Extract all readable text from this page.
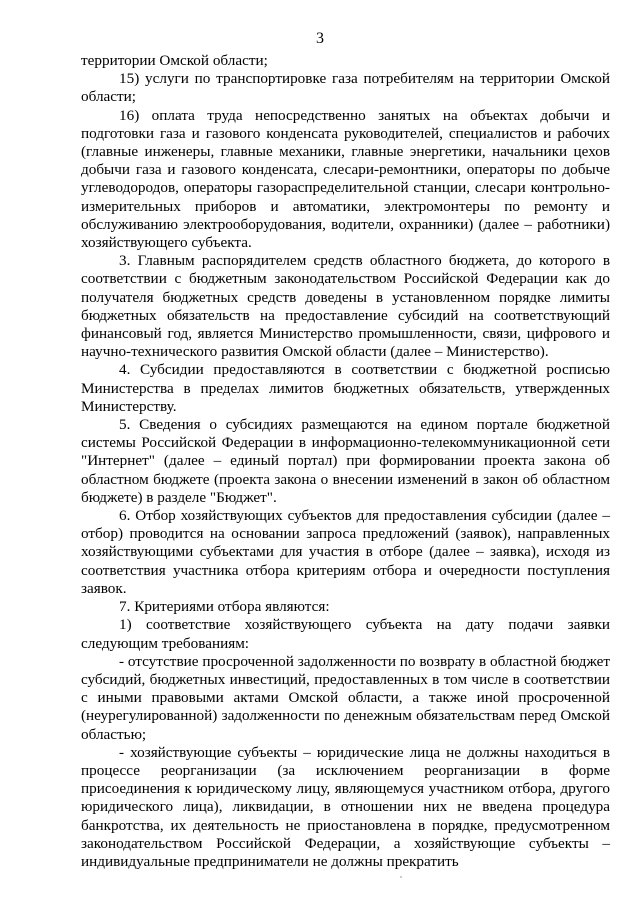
3

территории Омской области;

15) услуги по транспортировке газа потребителям на территории Омской области;

16) оплата труда непосредственно занятых на объектах добычи и подготовки газа и газового конденсата руководителей, специалистов и рабочих (главные инженеры, главные механики, главные энергетики, начальники цехов добычи газа и газового конденсата, слесари-ремонтники, операторы по добыче углеводородов, операторы газораспределительной станции, слесари контрольно-измерительных приборов и автоматики, электромонтеры по ремонту и обслуживанию электрооборудования, водители, охранники) (далее – работники) хозяйствующего субъекта.

3. Главным распорядителем средств областного бюджета, до которого в соответствии с бюджетным законодательством Российской Федерации как до получателя бюджетных средств доведены в установленном порядке лимиты бюджетных обязательств на предоставление субсидий на соответствующий финансовый год, является Министерство промышленности, связи, цифрового и научно-технического развития Омской области (далее – Министерство).

4. Субсидии предоставляются в соответствии с бюджетной росписью Министерства в пределах лимитов бюджетных обязательств, утвержденных Министерству.

5. Сведения о субсидиях размещаются на едином портале бюджетной системы Российской Федерации в информационно-телекоммуникационной сети "Интернет" (далее – единый портал) при формировании проекта закона об областном бюджете (проекта закона о внесении изменений в закон об областном бюджете) в разделе "Бюджет".

6. Отбор хозяйствующих субъектов для предоставления субсидии (далее – отбор) проводится на основании запроса предложений (заявок), направленных хозяйствующими субъектами для участия в отборе (далее – заявка), исходя из соответствия участника отбора критериям отбора и очередности поступления заявок.

7. Критериями отбора являются:

1) соответствие хозяйствующего субъекта на дату подачи заявки следующим требованиям:

- отсутствие просроченной задолженности по возврату в областной бюджет субсидий, бюджетных инвестиций, предоставленных в том числе в соответствии с иными правовыми актами Омской области, а также иной просроченной (неурегулированной) задолженности по денежным обязательствам перед Омской областью;

- хозяйствующие субъекты – юридические лица не должны находиться в процессе реорганизации (за исключением реорганизации в форме присоединения к юридическому лицу, являющемуся участником отбора, другого юридического лица), ликвидации, в отношении них не введена процедура банкротства, их деятельность не приостановлена в порядке, предусмотренном законодательством Российской Федерации, а хозяйствующие субъекты – индивидуальные предприниматели не должны прекратить
